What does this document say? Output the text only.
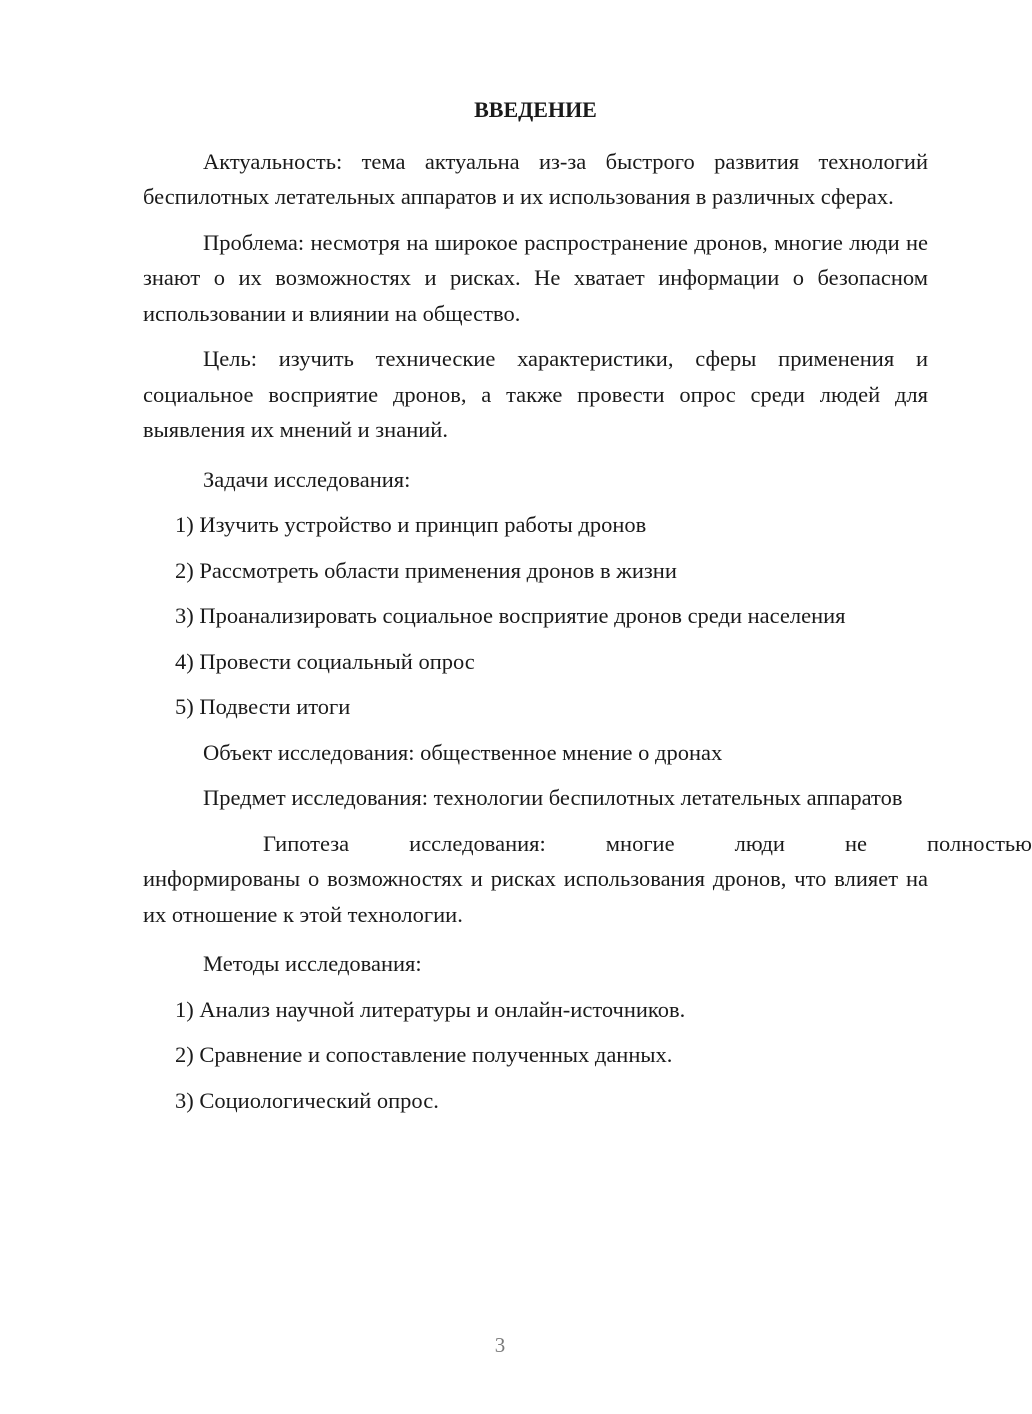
ВВЕДЕНИЕ
Актуальность: тема актуальна из-за быстрого развития технологий беспилотных летательных аппаратов и их использования в различных сферах.
Проблема: несмотря на широкое распространение дронов, многие люди не знают о их возможностях и рисках. Не хватает информации о безопасном использовании и влиянии на общество.
Цель: изучить технические характеристики, сферы применения и социальное восприятие дронов, а также провести опрос среди людей для выявления их мнений и знаний.
Задачи исследования:
1) Изучить устройство и принцип работы дронов
2) Рассмотреть области применения дронов в жизни
3) Проанализировать социальное восприятие дронов среди населения
4) Провести социальный опрос
5) Подвести итоги
Объект исследования: общественное мнение о дронах
Предмет исследования: технологии беспилотных летательных аппаратов
Гипотеза	исследования:	многие	люди	не	полностью
информированы о возможностях и рисках использования дронов, что влияет на их отношение к этой технологии.
Методы исследования:
1) Анализ научной литературы и онлайн-источников.
2) Сравнение и сопоставление полученных данных.
3) Социологический опрос.
3
